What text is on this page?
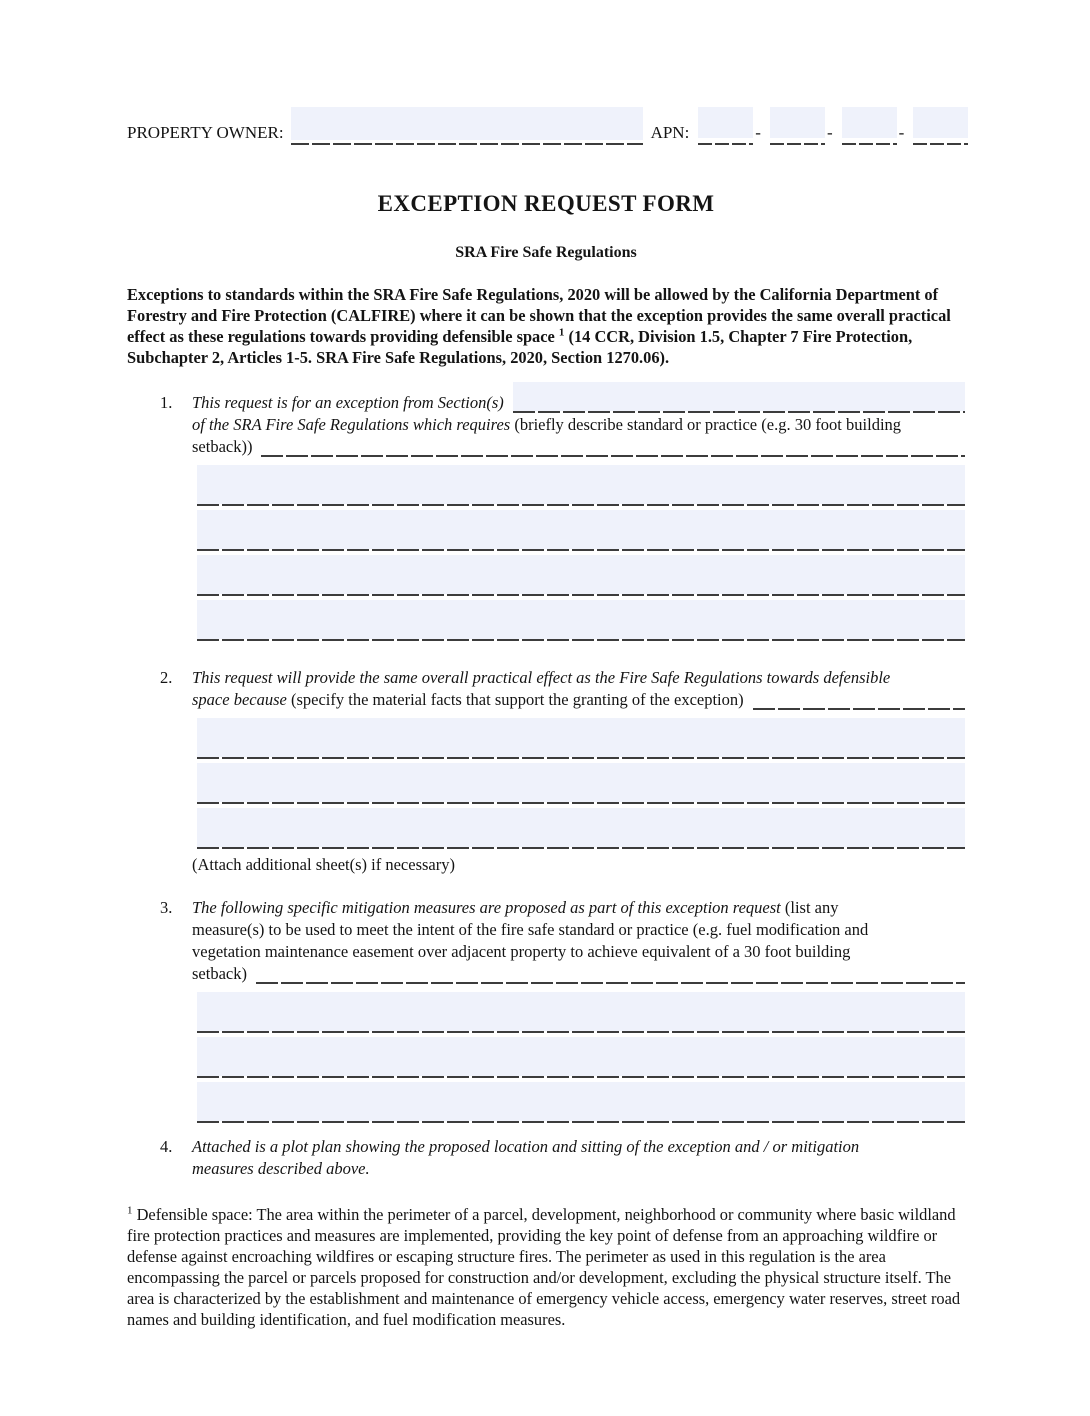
PROPERTY OWNER:	APN:	-	-	-
EXCEPTION REQUEST FORM
SRA Fire Safe Regulations

Exceptions to standards within the SRA Fire Safe Regulations, 2020 will be allowed by the California Department of Forestry and Fire Protection (CALFIRE) where it can be shown that the exception provides the same overall practical effect as these regulations towards providing defensible space $^1$ (14 CCR, Division 1.5, Chapter 7 Fire Protection, Subchapter 2, Articles 1-5. SRA Fire Safe Regulations, 2020, Section 1270.06).

1. This request is for an exception from Section(s)
of the SRA Fire Safe Regulations which requires (briefly describe standard or practice (e.g. 30 foot building
setback))
2. This request will provide the same overall practical effect as the Fire Safe Regulations towards defensible
space because (specify the material facts that support the granting of the exception)
(Attach additional sheet(s) if necessary)
3. The following specific mitigation measures are proposed as part of this exception request (list any
measure(s) to be used to meet the intent of the fire safe standard or practice (e.g. fuel modification and
vegetation maintenance easement over adjacent property to achieve equivalent of a 30 foot building
setback)
4. Attached is a plot plan showing the proposed location and sitting of the exception and / or mitigation
measures described above.

$^1$ Defensible space: The area within the perimeter of a parcel, development, neighborhood or community where basic wildland fire protection practices and measures are implemented, providing the key point of defense from an approaching wildfire or defense against encroaching wildfires or escaping structure fires. The perimeter as used in this regulation is the area encompassing the parcel or parcels proposed for construction and/or development, excluding the physical structure itself. The area is characterized by the establishment and maintenance of emergency vehicle access, emergency water reserves, street road names and building identification, and fuel modification measures.
